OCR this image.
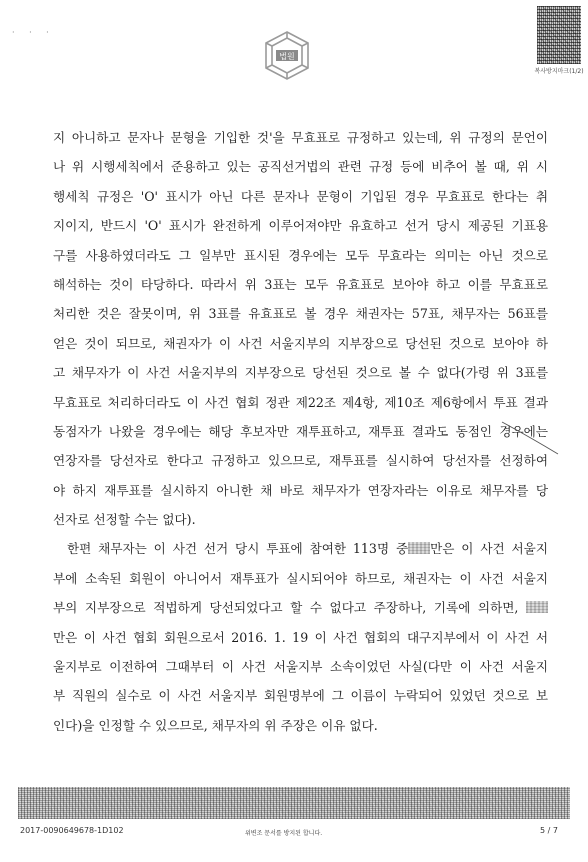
· · ·
법원
복사방지마크(1/2)
지 아니하고 문자나 문형을 기입한 것'을 무효표로 규정하고 있는데, 위 규정의 문언이
나 위 시행세칙에서 준용하고 있는 공직선거법의 관련 규정 등에 비추어 볼 때, 위 시
행세칙 규정은 'O' 표시가 아닌 다른 문자나 문형이 기입된 경우 무효표로 한다는 취
지이지, 반드시 'O' 표시가 완전하게 이루어져야만 유효하고 선거 당시 제공된 기표용
구를 사용하였더라도 그 일부만 표시된 경우에는 모두 무효라는 의미는 아닌 것으로
해석하는 것이 타당하다. 따라서 위 3표는 모두 유효표로 보아야 하고 이를 무효표로
처리한 것은 잘못이며, 위 3표를 유효표로 볼 경우 채권자는 57표, 채무자는 56표를
얻은 것이 되므로, 채권자가 이 사건 서울지부의 지부장으로 당선된 것으로 보아야 하
고 채무자가 이 사건 서울지부의 지부장으로 당선된 것으로 볼 수 없다(가령 위 3표를
무효표로 처리하더라도 이 사건 협회 정관 제22조 제4항, 제10조 제6항에서 투표 결과
동점자가 나왔을 경우에는 해당 후보자만 재투표하고, 재투표 결과도 동점인 경우에는
연장자를 당선자로 한다고 규정하고 있으므로, 재투표를 실시하여 당선자를 선정하여
야 하지 재투표를 실시하지 아니한 채 바로 채무자가 연장자라는 이유로 채무자를 당
선자로 선정할 수는 없다).
한편 채무자는 이 사건 선거 당시 투표에 참여한 113명 중 만은 이 사건 서울지
부에 소속된 회원이 아니어서 재투표가 실시되어야 하므로, 채권자는 이 사건 서울지
부의 지부장으로 적법하게 당선되었다고 할 수 없다고 주장하나, 기록에 의하면,
만은 이 사건 협회 회원으로서 2016. 1. 19 이 사건 협회의 대구지부에서 이 사건 서
울지부로 이전하여 그때부터 이 사건 서울지부 소속이었던 사실(다만 이 사건 서울지
부 직원의 실수로 이 사건 서울지부 회원명부에 그 이름이 누락되어 있었던 것으로 보
인다)을 인정할 수 있으므로, 채무자의 위 주장은 이유 없다.
2017-0090649678-1D102	위변조 문서를 방지된 합니다.	5 / 7
